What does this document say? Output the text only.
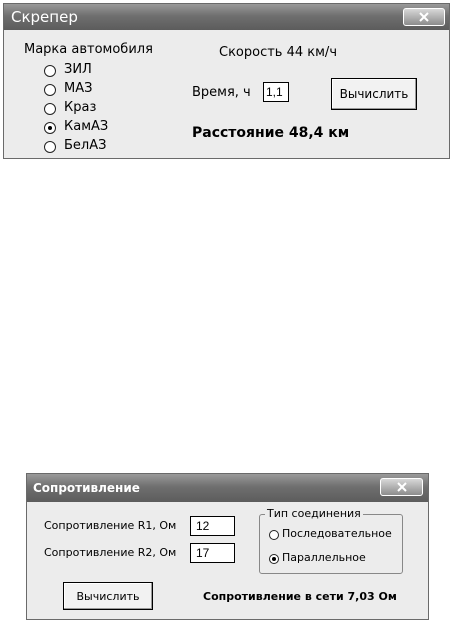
Скрепер
Марка автомобиля
ЗИЛ
МАЗ
Краз
КамАЗ
БелАЗ
Скорость 44 км/ч
Время, ч
1,1	Вычислить
Расстояние 48,4 км
Сопротивление
Сопротивление R1, Ом
12
Сопротивление R2, Ом
17
Тип соединения
Последовательное
Параллельное
Вычислить	Сопротивление в сети 7,03 Ом
